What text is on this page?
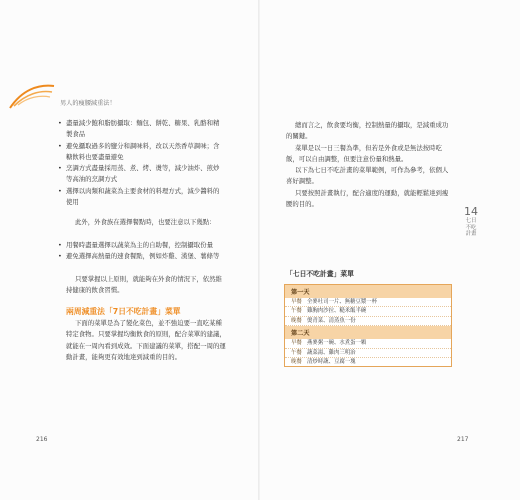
男人的瘦腰減重法！
• 盡量減少飽和脂肪攝取：麵包、餅乾、糖果、乳酪和精製食品
• 避免攝取過多的鹽分和調味料，改以天然香草調味；含糖飲料也要盡量避免
• 烹調方式盡量採用蒸、煮、烤、燙等，減少油炸、煎炒等高油的烹調方式
• 選擇以肉類和蔬菜為主要食材的料理方式，減少醬料的使用

此外，外食族在選擇餐點時，也要注意以下幾點：

• 用餐時盡量選擇以蔬菜為主的自助餐，控制攝取份量
• 避免選擇高熱量的速食餐點，例如炸雞、漢堡、薯條等

只要掌握以上原則，就能夠在外食的情況下，依然維持健康的飲食習慣。

兩周減重法「7日不吃計畫」菜單

下面的菜單是為了變化菜色，並不強迫要一直吃某種特定食物。只要掌握均衡飲食的原則，配合菜單的建議，就能在一周內看到成效。下面建議的菜單，搭配一周的運動計畫，能夠更有效地達到減重的目的。

216

總而言之，飲食要均衡，控制熱量的攝取，是減重成功的關鍵。

菜單是以一日三餐為準，但若是外食或是無法按時吃飯，可以自由調整，但要注意份量和熱量。

以下為七日不吃計畫的菜單範例，可作為參考，依個人喜好調整。

只要按照計畫執行，配合適度的運動，就能輕鬆達到瘦腰的目的。

14
七日不吃計畫
「七日不吃計畫」菜單
第一天
早餐 全麥吐司一片、無糖豆漿一杯
午餐 雞胸肉沙拉、糙米飯半碗
晚餐 燙青菜、清蒸魚一份
第二天
早餐 燕麥粥一碗、水煮蛋一顆
午餐 蔬菜湯、雞肉三明治
晚餐 清炒時蔬、豆腐一塊
217
